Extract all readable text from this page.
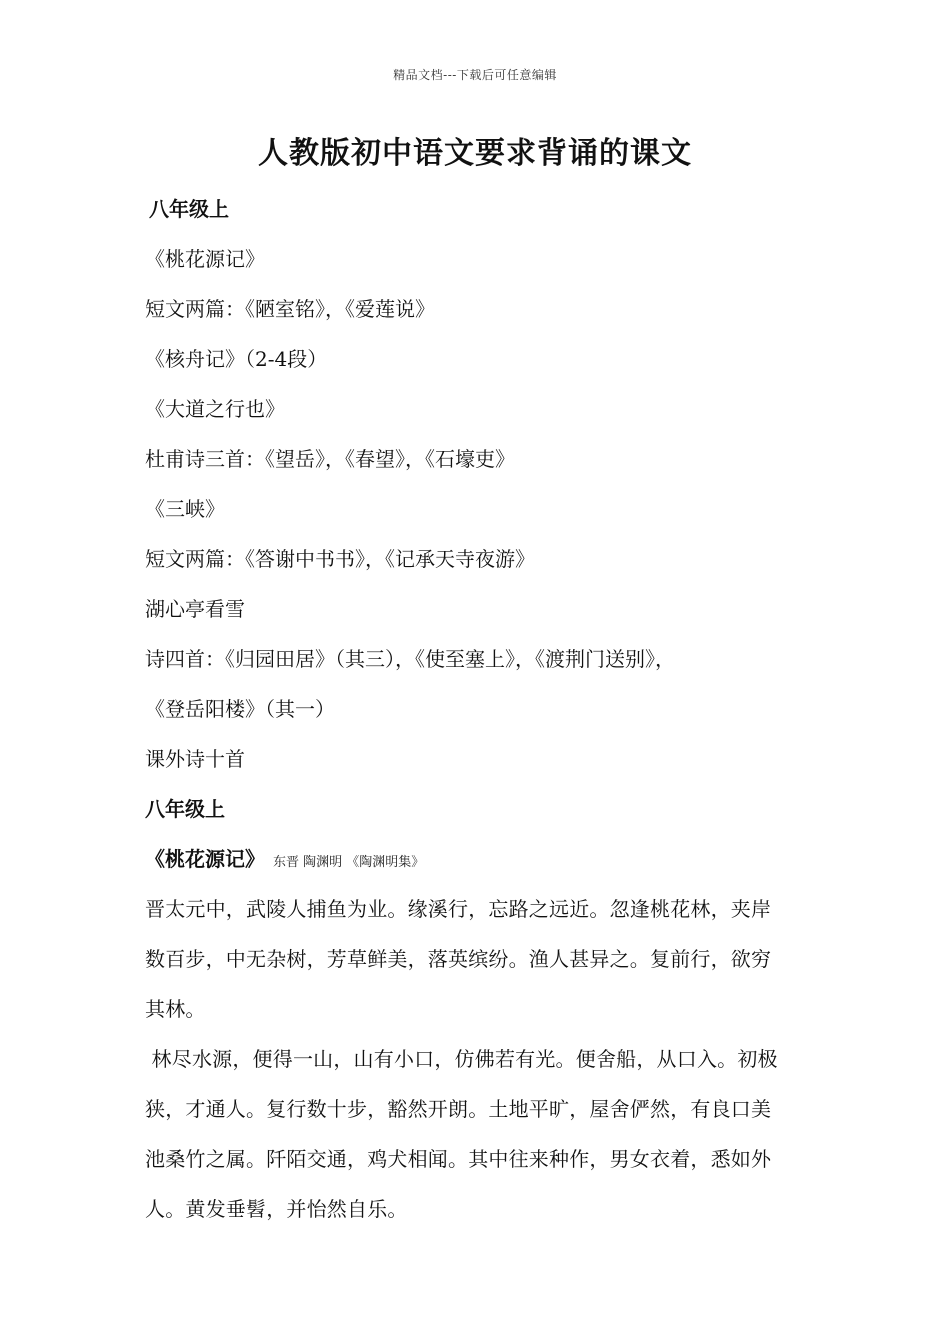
精品文档---下载后可任意编辑
人教版初中语文要求背诵的课文
八年级上
《桃花源记》
短文两篇：《陋室铭》，《爱莲说》
《核舟记》（2-4段）
《大道之行也》
杜甫诗三首：《望岳》，《春望》，《石壕吏》
《三峡》
短文两篇：《答谢中书书》，《记承天寺夜游》
湖心亭看雪
诗四首：《归园田居》（其三），《使至塞上》，《渡荆门送别》，
《登岳阳楼》（其一）
课外诗十首
八年级上
《桃花源记》 东晋 陶渊明 《陶渊明集》
晋太元中，武陵人捕鱼为业。缘溪行，忘路之远近。忽逢桃花林，夹岸
数百步，中无杂树，芳草鲜美，落英缤纷。渔人甚异之。复前行，欲穷
其林。
林尽水源，便得一山，山有小口，仿佛若有光。便舍船，从口入。初极
狭，才通人。复行数十步，豁然开朗。土地平旷，屋舍俨然，有良口美
池桑竹之属。阡陌交通，鸡犬相闻。其中往来种作，男女衣着，悉如外
人。黄发垂髫，并怡然自乐。
